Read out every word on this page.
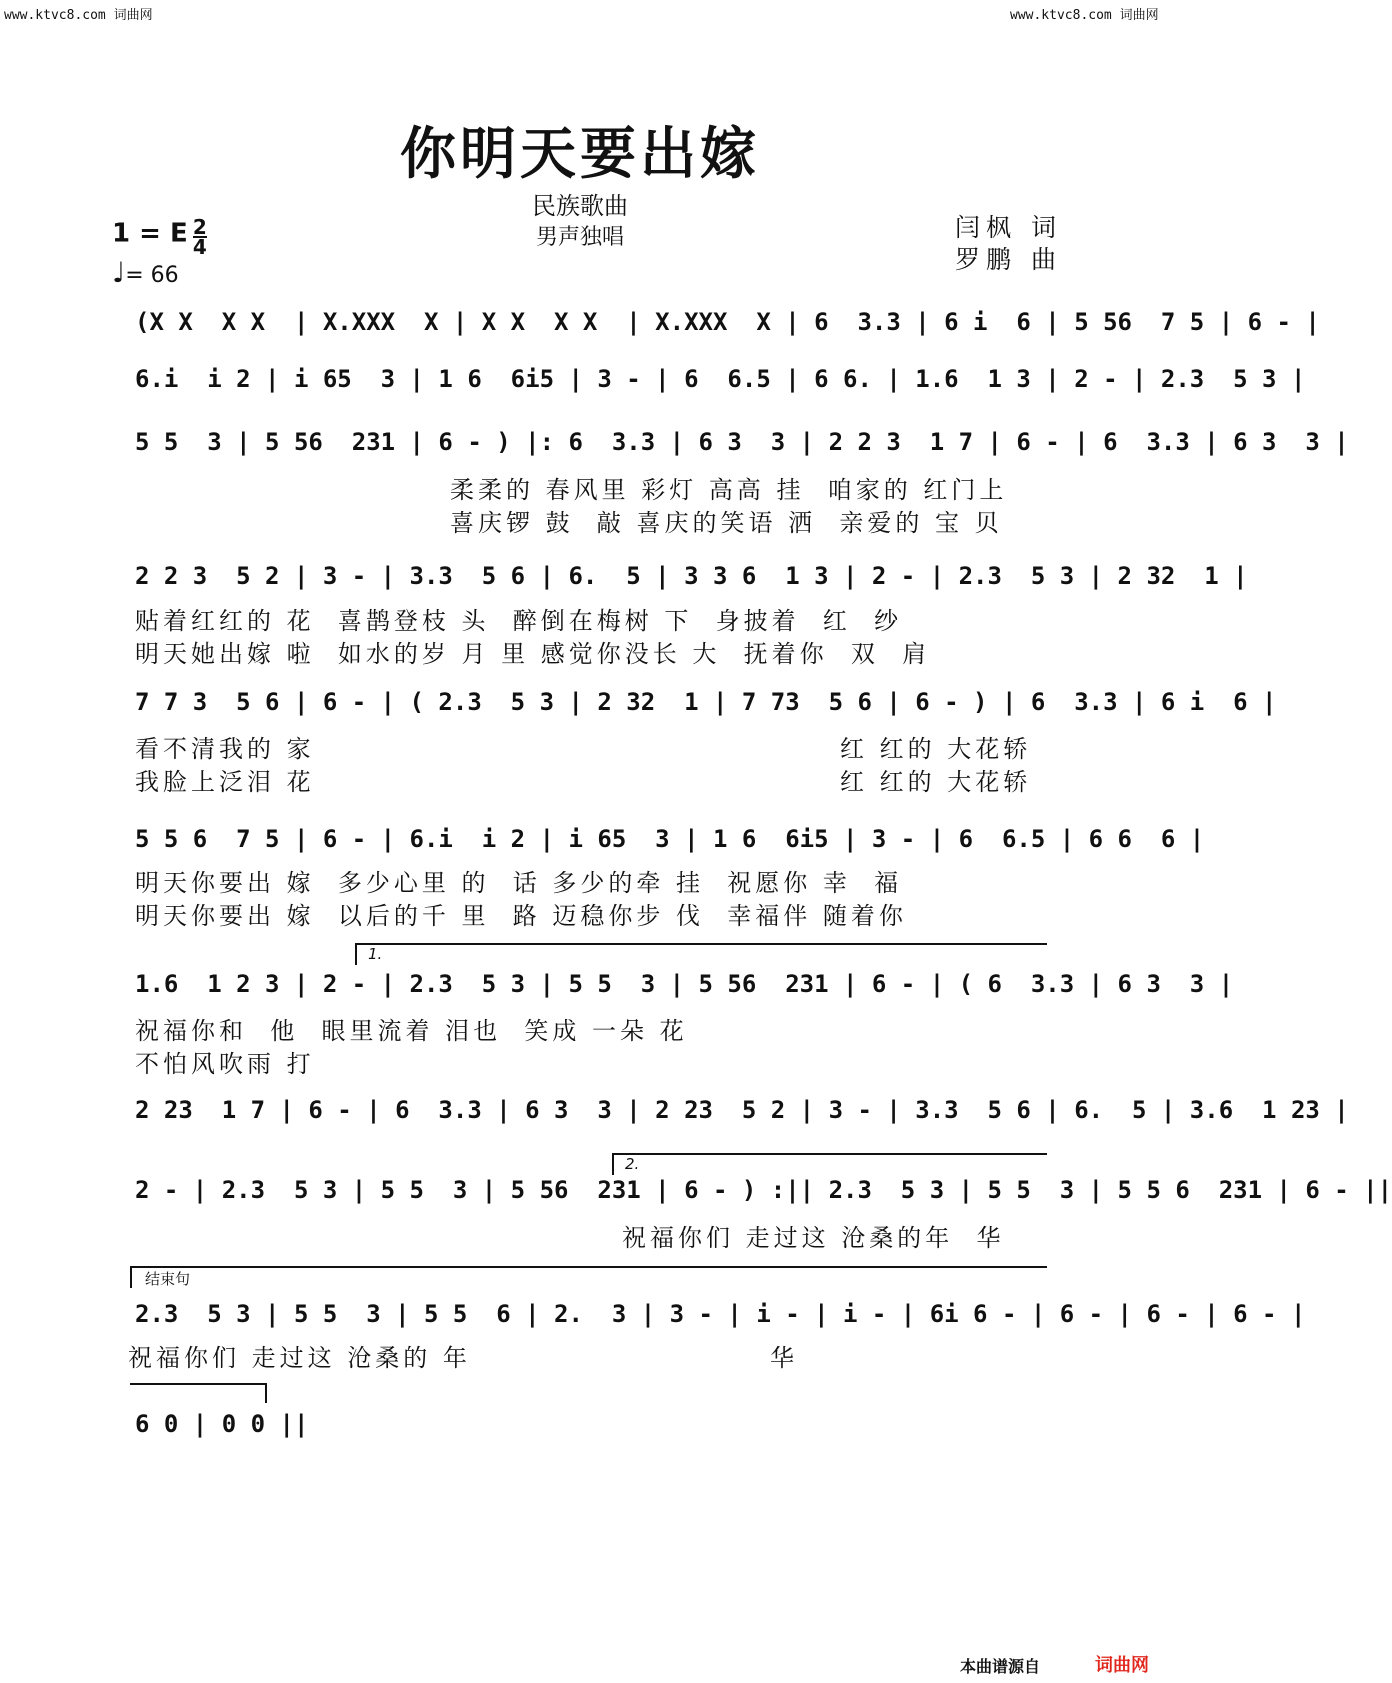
www.ktvc8.com 词曲网	www.ktvc8.com 词曲网
你明天要出嫁
民族歌曲
男声独唱
1 = E $\frac{2}{4}$
♩= 66
闫枫 词
罗鹏 曲
(X X  X X  | X.XXX  X | X X  X X  | X.XXX  X | 6  3.3 | 6 i  6 | 5 56  7 5 | 6 - |
6.i  i 2 | i 65  3 | 1 6  6i5 | 3 - | 6  6.5 | 6 6. | 1.6  1 3 | 2 - | 2.3  5 3 |
5 5  3 | 5 56  231 | 6 - ) |: 6  3.3 | 6 3  3 | 2 2 3  1 7 | 6 - | 6  3.3 | 6 3  3 |
柔柔的 春风里 彩灯 高高 挂  咱家的 红门上
喜庆锣 鼓  敲 喜庆的笑语 洒  亲爱的 宝 贝
2 2 3  5 2 | 3 - | 3.3  5 6 | 6.  5 | 3 3 6  1 3 | 2 - | 2.3  5 3 | 2 32  1 |
贴着红红的 花  喜鹊登枝 头  醉倒在梅树 下  身披着  红  纱
明天她出嫁 啦  如水的岁 月 里 感觉你没长 大  抚着你  双  肩
7 7 3  5 6 | 6 - | ( 2.3  5 3 | 2 32  1 | 7 73  5 6 | 6 - ) | 6  3.3 | 6 i  6 |
看不清我的 家
我脸上泛泪 花
红 红的 大花轿
红 红的 大花轿
5 5 6  7 5 | 6 - | 6.i  i 2 | i 65  3 | 1 6  6i5 | 3 - | 6  6.5 | 6 6  6 |
明天你要出 嫁  多少心里 的  话 多少的牵 挂  祝愿你 幸  福
明天你要出 嫁  以后的千 里  路 迈稳你步 伐  幸福伴 随着你
1.
1.6  1 2 3 | 2 - | 2.3  5 3 | 5 5  3 | 5 56  231 | 6 - | ( 6  3.3 | 6 3  3 |
祝福你和  他  眼里流着 泪也  笑成 一朵 花
不怕风吹雨 打
2 23  1 7 | 6 - | 6  3.3 | 6 3  3 | 2 23  5 2 | 3 - | 3.3  5 6 | 6.  5 | 3.6  1 23 |
2.
2 - | 2.3  5 3 | 5 5  3 | 5 56  231 | 6 - ) :|| 2.3  5 3 | 5 5  3 | 5 5 6  231 | 6 - ||
祝福你们 走过这 沧桑的年  华
结束句
2.3  5 3 | 5 5  3 | 5 5  6 | 2.  3 | 3 - | i - | i - | 6i 6 - | 6 - | 6 - | 6 - |
祝福你们 走过这 沧桑的 年	华
6 0 | 0 0 ||
本曲谱源自	词曲网
